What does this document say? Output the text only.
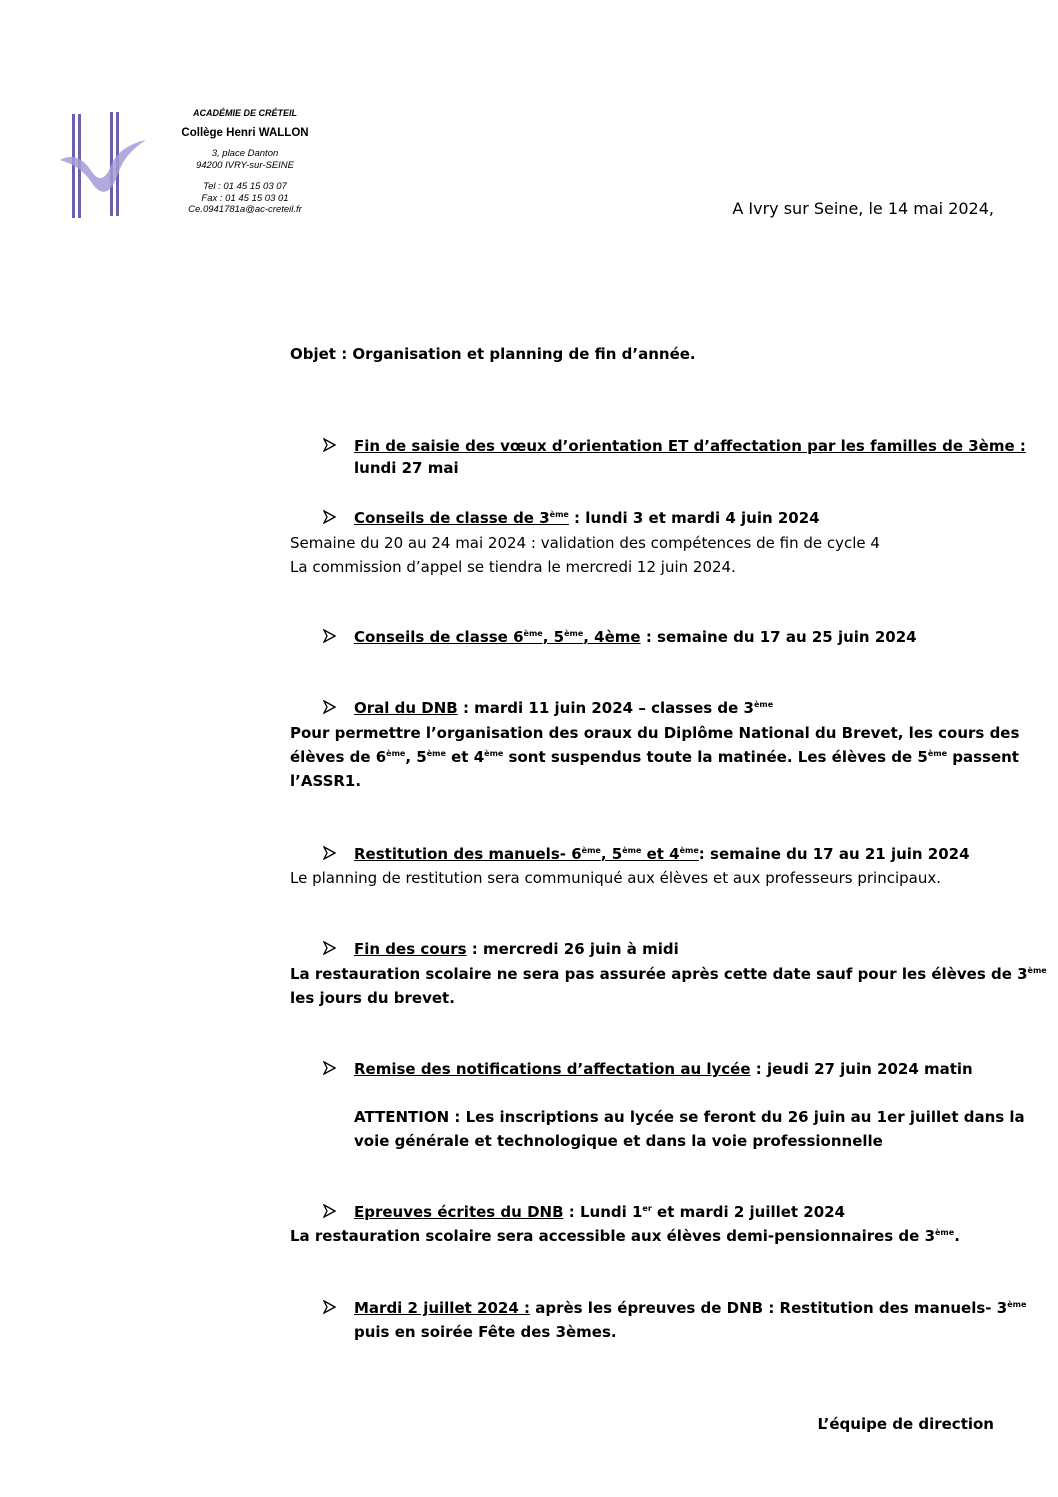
ACADÉMIE DE CRÉTEIL
Collège Henri WALLON
3, place Danton
94200 IVRY-sur-SEINE
Tel : 01 45 15 03 07
Fax : 01 45 15 03 01
Ce.0941781a@ac-creteil.fr	A Ivry sur Seine, le 14 mai 2024,
Objet : Organisation et planning de fin d’année.
Fin de saisie des vœux d’orientation ET d’affectation par les familles de 3ème :
lundi 27 mai
Conseils de classe de 3ème : lundi 3 et mardi 4 juin 2024
Semaine du 20 au 24 mai 2024 : validation des compétences de fin de cycle 4
La commission d’appel se tiendra le mercredi 12 juin 2024.
Conseils de classe 6ème, 5ème, 4ème : semaine du 17 au 25 juin 2024
Oral du DNB : mardi 11 juin 2024 – classes de 3ème
Pour permettre l’organisation des oraux du Diplôme National du Brevet, les cours des
élèves de 6ème, 5ème et 4ème sont suspendus toute la matinée. Les élèves de 5ème passent
l’ASSR1.
Restitution des manuels- 6ème, 5ème et 4ème: semaine du 17 au 21 juin 2024
Le planning de restitution sera communiqué aux élèves et aux professeurs principaux.
Fin des cours : mercredi 26 juin à midi
La restauration scolaire ne sera pas assurée après cette date sauf pour les élèves de 3ème
les jours du brevet.
Remise des notifications d’affectation au lycée : jeudi 27 juin 2024 matin
ATTENTION : Les inscriptions au lycée se feront du 26 juin au 1er juillet dans la
voie générale et technologique et dans la voie professionnelle
Epreuves écrites du DNB : Lundi 1er et mardi 2 juillet 2024
La restauration scolaire sera accessible aux élèves demi-pensionnaires de 3ème.
Mardi 2 juillet 2024 : après les épreuves de DNB : Restitution des manuels- 3ème
puis en soirée Fête des 3èmes.
L’équipe de direction
